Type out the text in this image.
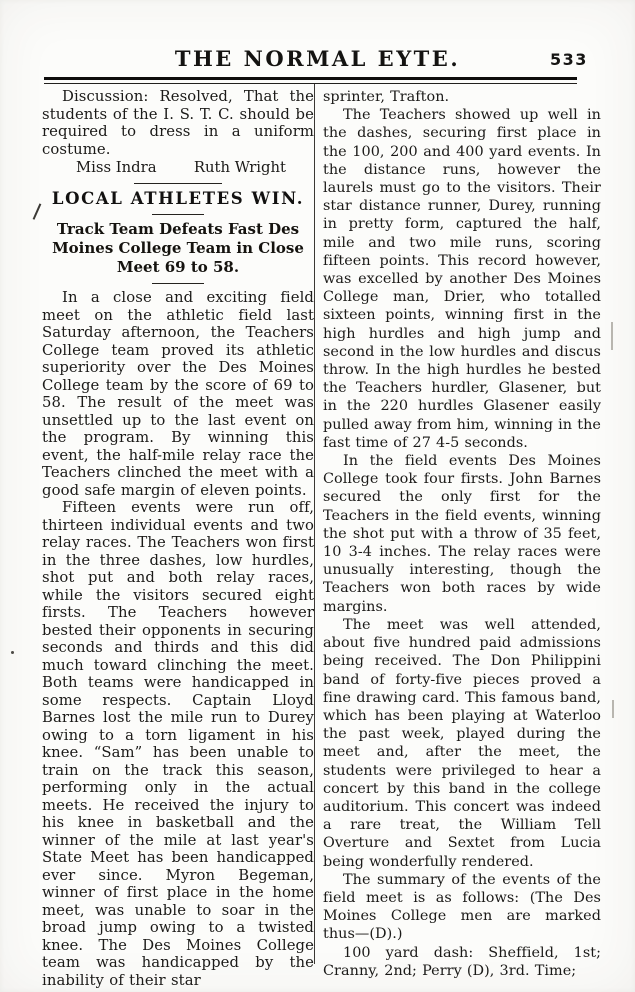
THE NORMAL EYTE.	533

Discussion: Resolved, That the students of the I. S. T. C. should be required to dress in a uniform costume.

Miss Indra	Ruth Wright
LOCAL ATHLETES WIN.
Track Team Defeats Fast Des Moines College Team in Close Meet 69 to 58.

In a close and exciting field meet on the athletic field last Saturday afternoon, the Teachers College team proved its athletic superiority over the Des Moines College team by the score of 69 to 58. The result of the meet was unsettled up to the last event on the program. By winning this event, the half-mile relay race the Teachers clinched the meet with a good safe margin of eleven points.

Fifteen events were run off, thirteen individual events and two relay races. The Teachers won first in the three dashes, low hurdles, shot put and both relay races, while the visitors secured eight firsts. The Teachers however bested their opponents in securing seconds and thirds and this did much toward clinching the meet. Both teams were handicapped in some respects. Captain Lloyd Barnes lost the mile run to Durey owing to a torn ligament in his knee. “Sam” has been unable to train on the track this season, performing only in the actual meets. He received the injury to his knee in basketball and the winner of the mile at last year's State Meet has been handicapped ever since. Myron Begeman, winner of first place in the home meet, was unable to soar in the broad jump owing to a twisted knee. The Des Moines College team was handicapped by the inability of their star

sprinter, Trafton.

The Teachers showed up well in the dashes, securing first place in the 100, 200 and 400 yard events. In the distance runs, however the laurels must go to the visitors. Their star distance runner, Durey, running in pretty form, captured the half, mile and two mile runs, scoring fifteen points. This record however, was excelled by another Des Moines College man, Drier, who totalled sixteen points, winning first in the high hurdles and high jump and second in the low hurdles and discus throw. In the high hurdles he bested the Teachers hurdler, Glasener, but in the 220 hurdles Glasener easily pulled away from him, winning in the fast time of 27 4-5 seconds.

In the field events Des Moines College took four firsts. John Barnes secured the only first for the Teachers in the field events, winning the shot put with a throw of 35 feet, 10 3-4 inches. The relay races were unusually interesting, though the Teachers won both races by wide margins.

The meet was well attended, about five hundred paid admissions being received. The Don Philippini band of forty-five pieces proved a fine drawing card. This famous band, which has been playing at Waterloo the past week, played during the meet and, after the meet, the students were privileged to hear a concert by this band in the college auditorium. This concert was indeed a rare treat, the William Tell Overture and Sextet from Lucia being wonderfully rendered.

The summary of the events of the field meet is as follows: (The Des Moines College men are marked thus—(D).)

100 yard dash: Sheffield, 1st; Cranny, 2nd; Perry (D), 3rd. Time;
